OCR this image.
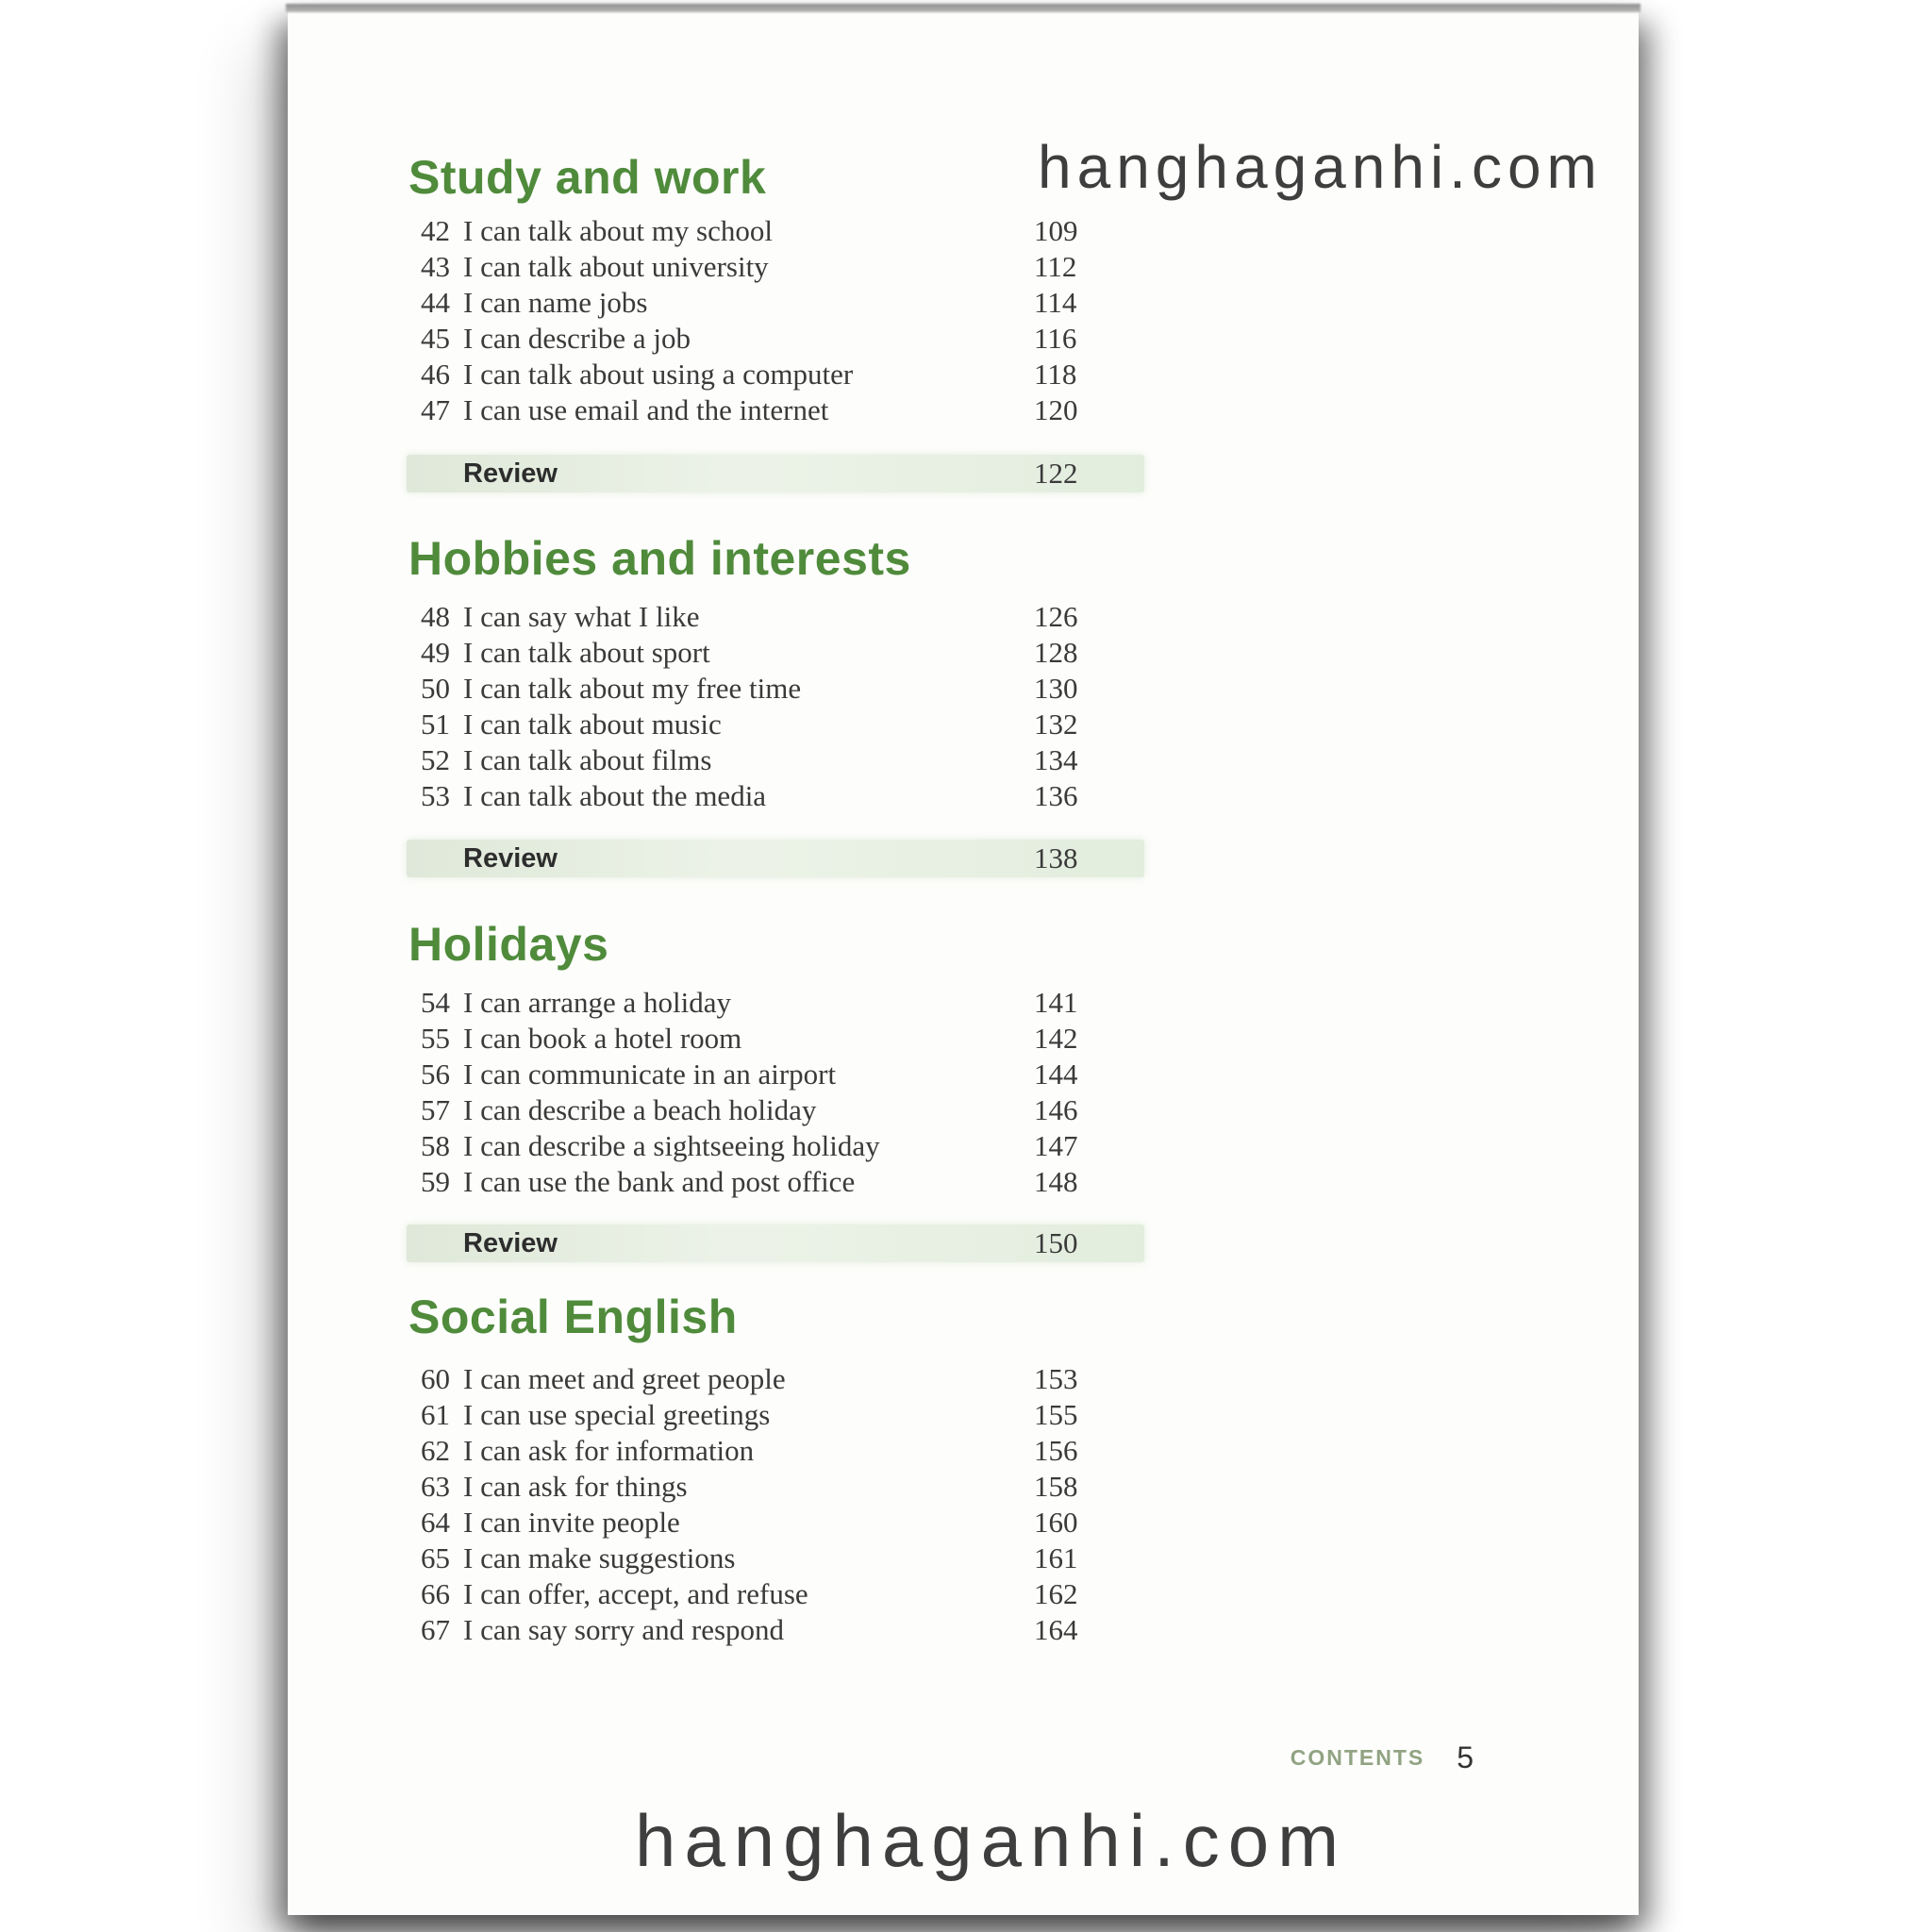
hanghaganhi.com
Study and work
42 I can talk about my school	109
43 I can talk about university	112
44 I can name jobs	114
45 I can describe a job	116
46 I can talk about using a computer	118
47 I can use email and the internet	120
Review	122
Hobbies and interests
48 I can say what I like	126
49 I can talk about sport	128
50 I can talk about my free time	130
51 I can talk about music	132
52 I can talk about films	134
53 I can talk about the media	136
Review	138
Holidays
54 I can arrange a holiday	141
55 I can book a hotel room	142
56 I can communicate in an airport	144
57 I can describe a beach holiday	146
58 I can describe a sightseeing holiday	147
59 I can use the bank and post office	148
Review	150
Social English
60 I can meet and greet people	153
61 I can use special greetings	155
62 I can ask for information	156
63 I can ask for things	158
64 I can invite people	160
65 I can make suggestions	161
66 I can offer, accept, and refuse	162
67 I can say sorry and respond	164
CONTENTS 5
hanghaganhi.com
